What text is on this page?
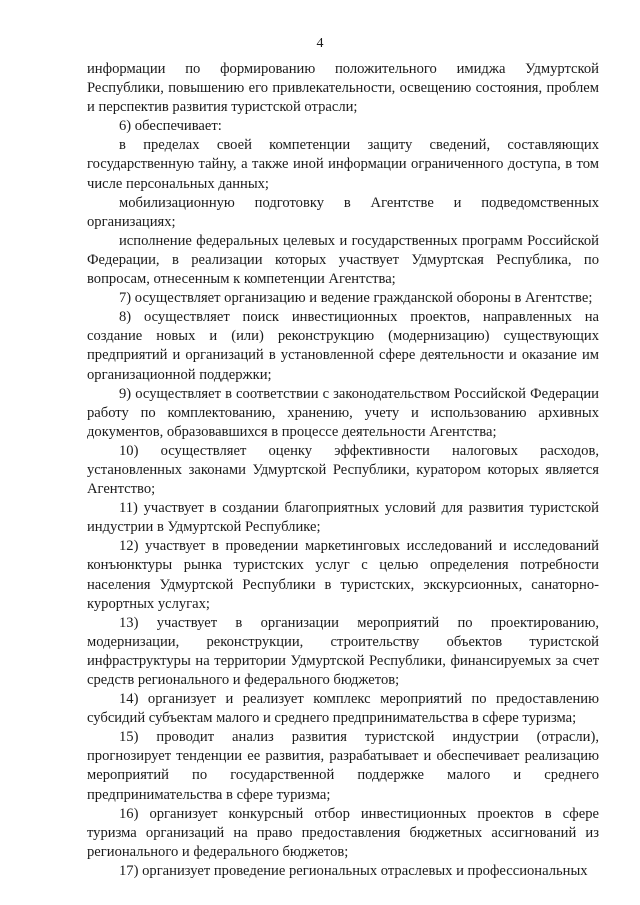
4

информации по формированию положительного имиджа Удмуртской Республики, повышению его привлекательности, освещению состояния, проблем и перспектив развития туристской отрасли;

6) обеспечивает:

в пределах своей компетенции защиту сведений, составляющих государственную тайну, а также иной информации ограниченного доступа, в том числе персональных данных;

мобилизационную подготовку в Агентстве и подведомственных организациях;

исполнение федеральных целевых и государственных программ Российской Федерации, в реализации которых участвует Удмуртская Республика, по вопросам, отнесенным к компетенции Агентства;

7) осуществляет организацию и ведение гражданской обороны в Агентстве;

8) осуществляет поиск инвестиционных проектов, направленных на создание новых и (или) реконструкцию (модернизацию) существующих предприятий и организаций в установленной сфере деятельности и оказание им организационной поддержки;

9) осуществляет в соответствии с законодательством Российской Федерации работу по комплектованию, хранению, учету и использованию архивных документов, образовавшихся в процессе деятельности Агентства;

10) осуществляет оценку эффективности налоговых расходов, установленных законами Удмуртской Республики, куратором которых является Агентство;

11) участвует в создании благоприятных условий для развития туристской индустрии в Удмуртской Республике;

12) участвует в проведении маркетинговых исследований и исследований конъюнктуры рынка туристских услуг с целью определения потребности населения Удмуртской Республики в туристских, экскурсионных, санаторно-курортных услугах;

13) участвует в организации мероприятий по проектированию, модернизации, реконструкции, строительству объектов туристской инфраструктуры на территории Удмуртской Республики, финансируемых за счет средств регионального и федерального бюджетов;

14) организует и реализует комплекс мероприятий по предоставлению субсидий субъектам малого и среднего предпринимательства в сфере туризма;

15) проводит анализ развития туристской индустрии (отрасли), прогнозирует тенденции ее развития, разрабатывает и обеспечивает реализацию мероприятий по государственной поддержке малого и среднего предпринимательства в сфере туризма;

16) организует конкурсный отбор инвестиционных проектов в сфере туризма организаций на право предоставления бюджетных ассигнований из регионального и федерального бюджетов;

17) организует проведение региональных отраслевых и профессиональных
